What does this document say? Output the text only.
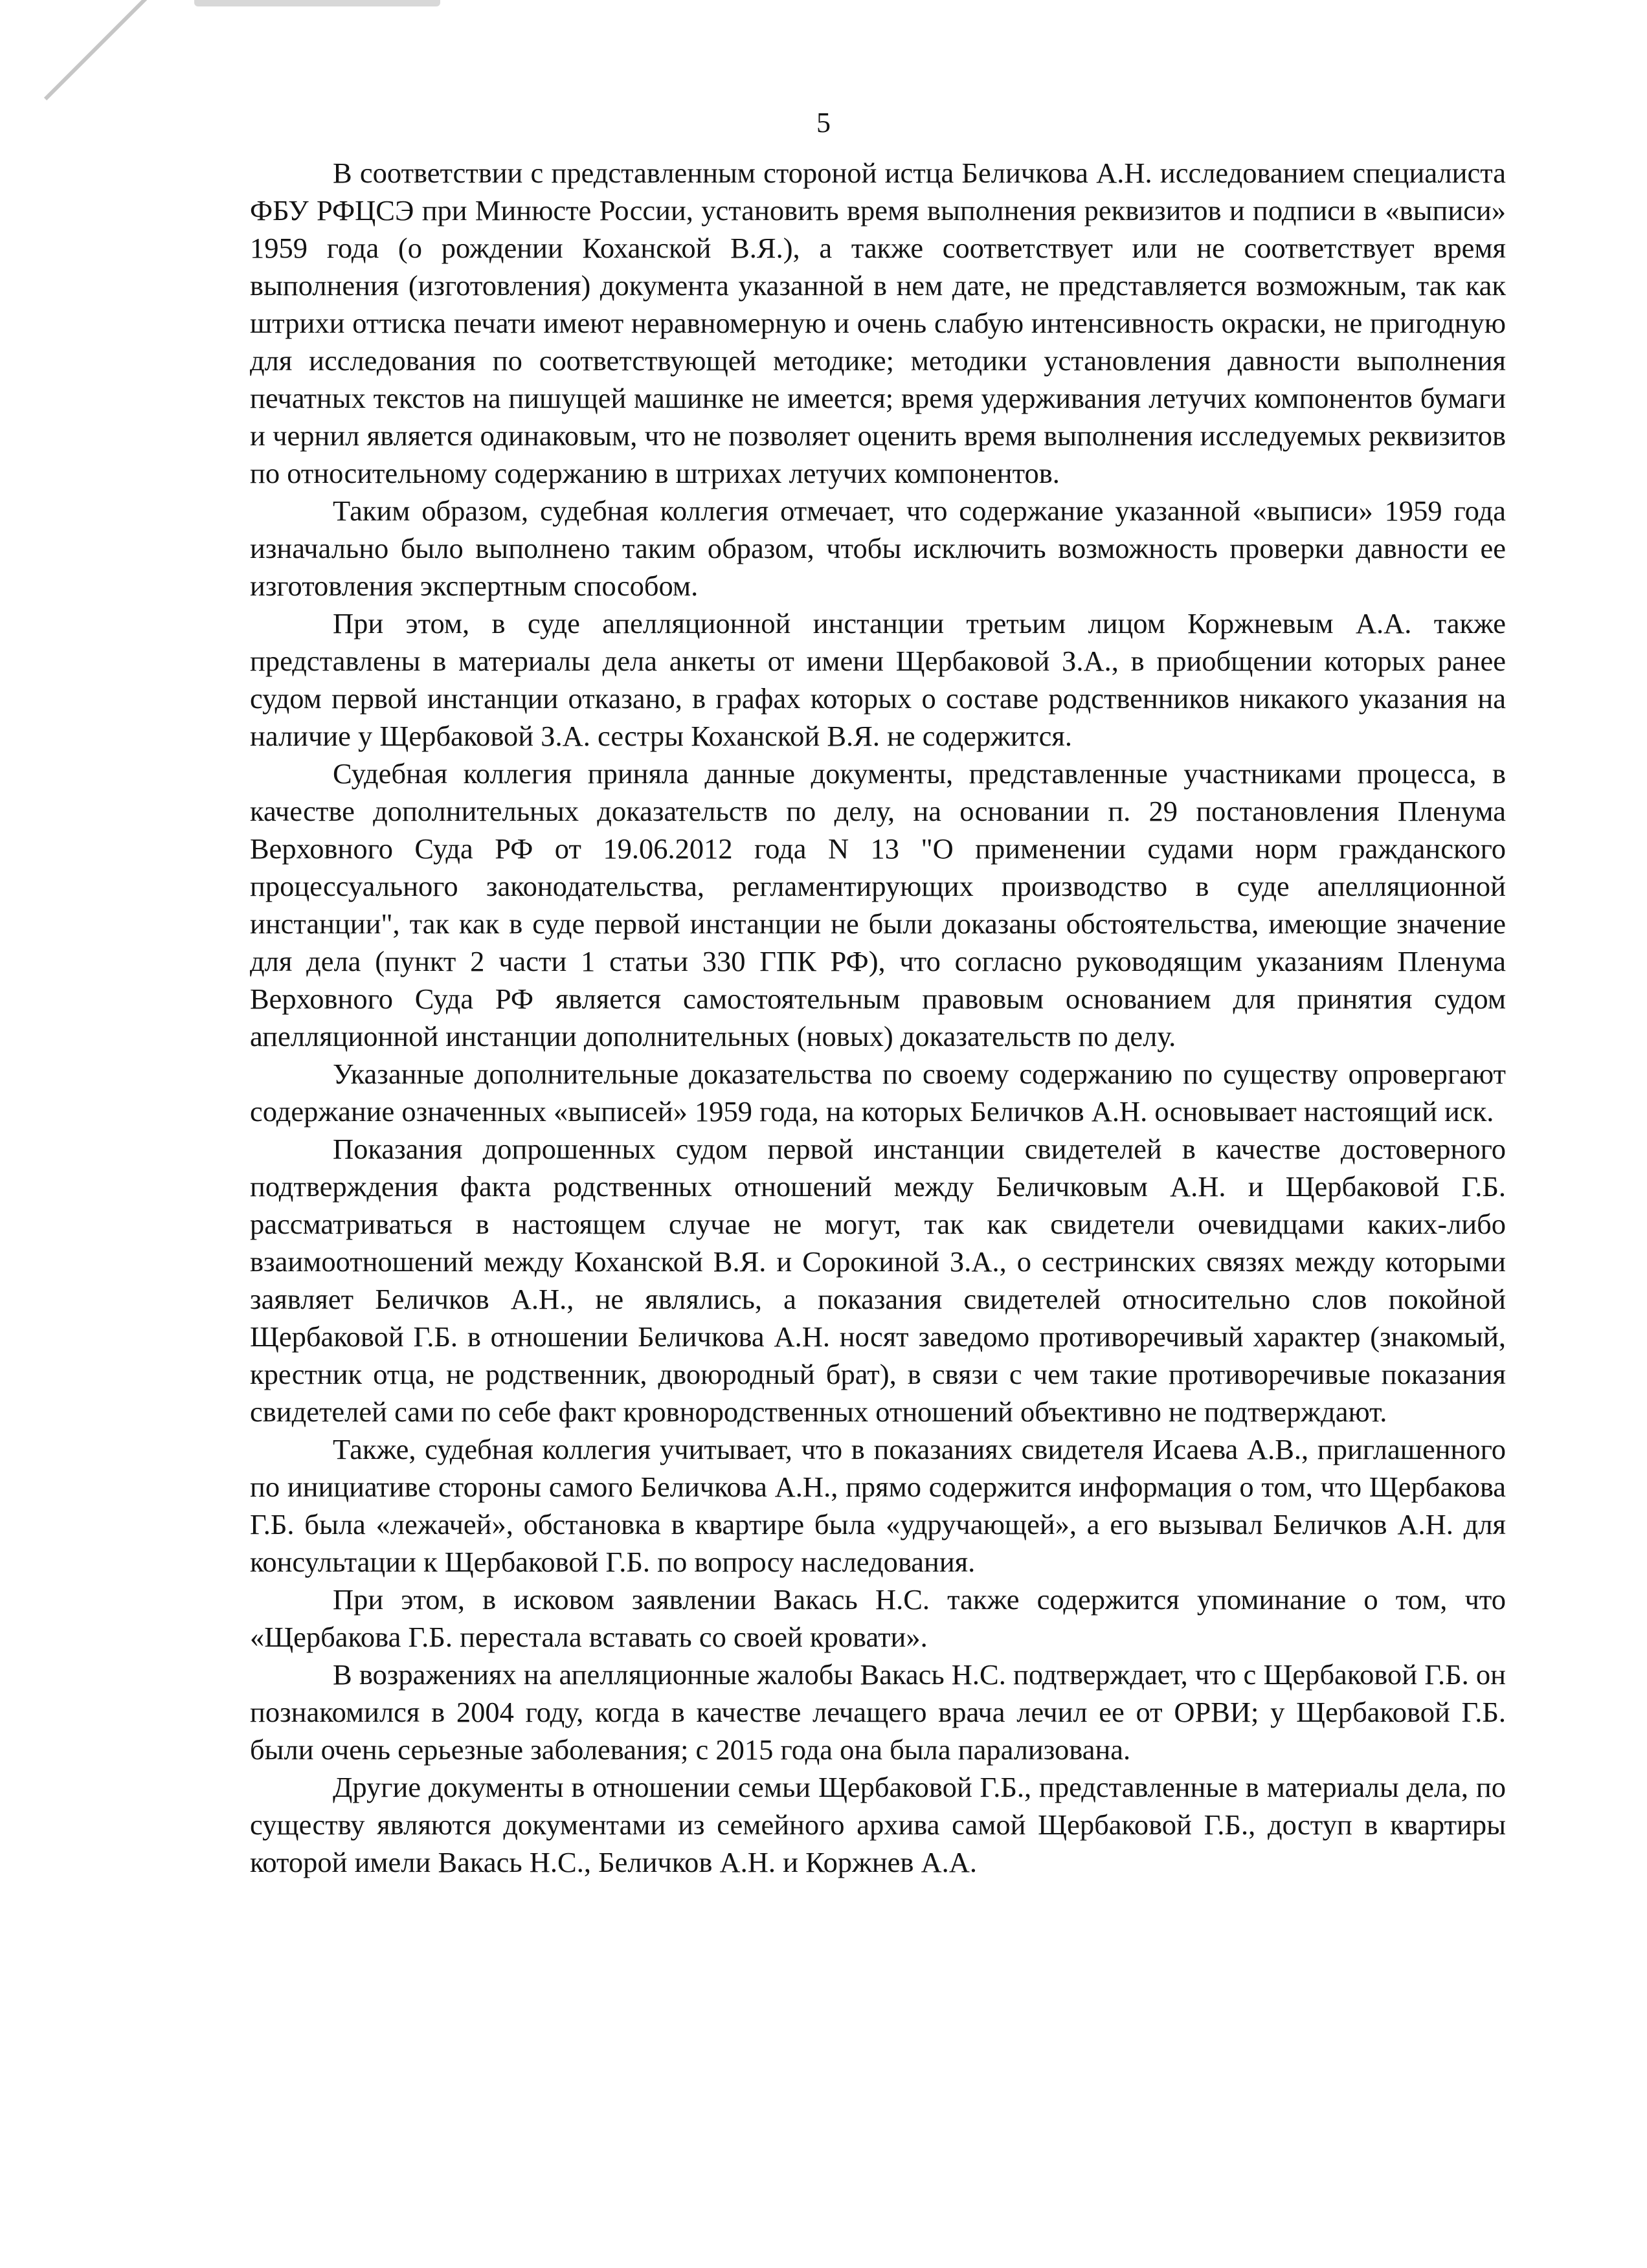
5

В соответствии с представленным стороной истца Беличкова А.Н. исследованием специалиста ФБУ РФЦСЭ при Минюсте России, установить время выполнения реквизитов и подписи в «выписи» 1959 года (о рождении Коханской В.Я.), а также соответствует или не соответствует время выполнения (изготовления) документа указанной в нем дате, не представляется возможным, так как штрихи оттиска печати имеют неравномерную и очень слабую интенсивность окраски, не пригодную для исследования по соответствующей методике; методики установления давности выполнения печатных текстов на пишущей машинке не имеется; время удерживания летучих компонентов бумаги и чернил является одинаковым, что не позволяет оценить время выполнения исследуемых реквизитов по относительному содержанию в штрихах летучих компонентов.

Таким образом, судебная коллегия отмечает, что содержание указанной «выписи» 1959 года изначально было выполнено таким образом, чтобы исключить возможность проверки давности ее изготовления экспертным способом.

При этом, в суде апелляционной инстанции третьим лицом Коржневым А.А. также представлены в материалы дела анкеты от имени Щербаковой З.А., в приобщении которых ранее судом первой инстанции отказано, в графах которых о составе родственников никакого указания на наличие у Щербаковой З.А. сестры Коханской В.Я. не содержится.

Судебная коллегия приняла данные документы, представленные участниками процесса, в качестве дополнительных доказательств по делу, на основании п. 29 постановления Пленума Верховного Суда РФ от 19.06.2012 года N 13 "О применении судами норм гражданского процессуального законодательства, регламентирующих производство в суде апелляционной инстанции", так как в суде первой инстанции не были доказаны обстоятельства, имеющие значение для дела (пункт 2 части 1 статьи 330 ГПК РФ), что согласно руководящим указаниям Пленума Верховного Суда РФ является самостоятельным правовым основанием для принятия судом апелляционной инстанции дополнительных (новых) доказательств по делу.

Указанные дополнительные доказательства по своему содержанию по существу опровергают содержание означенных «выписей» 1959 года, на которых Беличков А.Н. основывает настоящий иск.

Показания допрошенных судом первой инстанции свидетелей в качестве достоверного подтверждения факта родственных отношений между Беличковым А.Н. и Щербаковой Г.Б. рассматриваться в настоящем случае не могут, так как свидетели очевидцами каких-либо взаимоотношений между Коханской В.Я. и Сорокиной З.А., о сестринских связях между которыми заявляет Беличков А.Н., не являлись, а показания свидетелей относительно слов покойной Щербаковой Г.Б. в отношении Беличкова А.Н. носят заведомо противоречивый характер (знакомый, крестник отца, не родственник, двоюродный брат), в связи с чем такие противоречивые показания свидетелей сами по себе факт кровнородственных отношений объективно не подтверждают.

Также, судебная коллегия учитывает, что в показаниях свидетеля Исаева А.В., приглашенного по инициативе стороны самого Беличкова А.Н., прямо содержится информация о том, что Щербакова Г.Б. была «лежачей», обстановка в квартире была «удручающей», а его вызывал Беличков А.Н. для консультации к Щербаковой Г.Б. по вопросу наследования.

При этом, в исковом заявлении Вакась Н.С. также содержится упоминание о том, что «Щербакова Г.Б. перестала вставать со своей кровати».

В возражениях на апелляционные жалобы Вакась Н.С. подтверждает, что с Щербаковой Г.Б. он познакомился в 2004 году, когда в качестве лечащего врача лечил ее от ОРВИ; у Щербаковой Г.Б. были очень серьезные заболевания; с 2015 года она была парализована.

Другие документы в отношении семьи Щербаковой Г.Б., представленные в материалы дела, по существу являются документами из семейного архива самой Щербаковой Г.Б., доступ в квартиры которой имели Вакась Н.С., Беличков А.Н. и Коржнев А.А.
